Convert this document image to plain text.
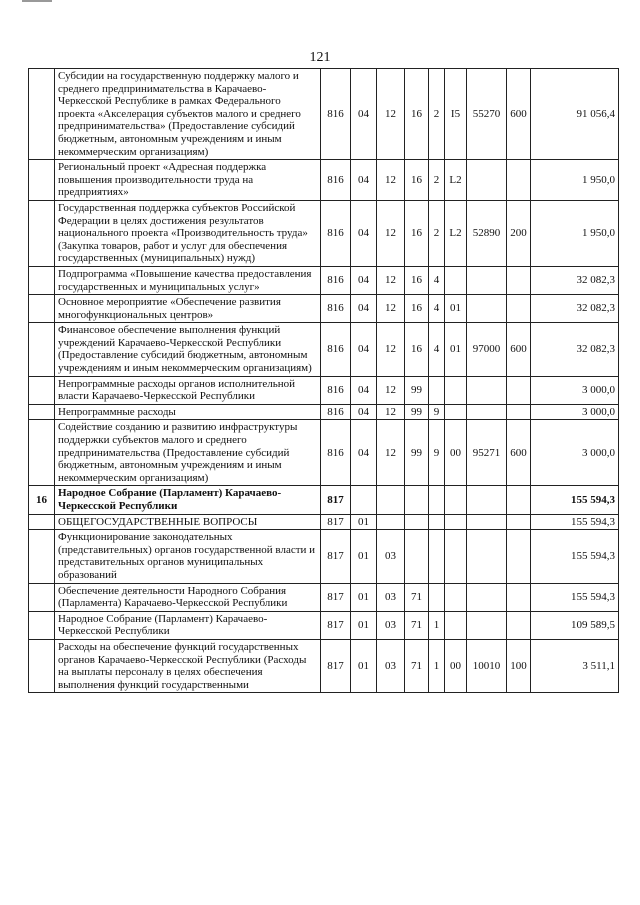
121
	Субсидии на государственную поддержку малого и среднего предпринимательства в Карачаево-Черкесской Республике в рамках Федерального проекта «Акселерация субъектов малого и среднего предпринимательства» (Предоставление субсидий бюджетным, автономным учреждениям и иным некоммерческим организациям)	816	04	12	16	2	I5	55270	600	91 056,4
	Региональный проект «Адресная поддержка повышения производительности труда на предприятиях»	816	04	12	16	2	L2			1 950,0
	Государственная поддержка субъектов Российской Федерации в целях достижения результатов национального проекта «Производительность труда» (Закупка товаров, работ и услуг для обеспечения государственных (муниципальных) нужд)	816	04	12	16	2	L2	52890	200	1 950,0
	Подпрограмма «Повышение качества предоставления государственных и муниципальных услуг»	816	04	12	16	4				32 082,3
	Основное мероприятие «Обеспечение развития многофункциональных центров»	816	04	12	16	4	01			32 082,3
	Финансовое обеспечение выполнения функций учреждений Карачаево-Черкесской Республики (Предоставление субсидий бюджетным, автономным учреждениям и иным некоммерческим организациям)	816	04	12	16	4	01	97000	600	32 082,3
	Непрограммные расходы органов исполнительной власти Карачаево-Черкесской Республики	816	04	12	99					3 000,0
	Непрограммные расходы	816	04	12	99	9				3 000,0
	Содействие созданию и развитию инфраструктуры поддержки субъектов малого и среднего предпринимательства (Предоставление субсидий бюджетным, автономным учреждениям и иным некоммерческим организациям)	816	04	12	99	9	00	95271	600	3 000,0
16	Народное Собрание (Парламент) Карачаево-Черкесской Республики	817								155 594,3
	ОБЩЕГОСУДАРСТВЕННЫЕ ВОПРОСЫ	817	01							155 594,3
	Функционирование законодательных (представительных) органов государственной власти и представительных органов муниципальных образований	817	01	03						155 594,3
	Обеспечение деятельности Народного Собрания (Парламента) Карачаево-Черкесской Республики	817	01	03	71					155 594,3
	Народное Собрание (Парламент) Карачаево-Черкесской Республики	817	01	03	71	1				109 589,5
	Расходы на обеспечение функций государственных органов Карачаево-Черкесской Республики (Расходы на выплаты персоналу в целях обеспечения выполнения функций государственными	817	01	03	71	1	00	10010	100	3 511,1
